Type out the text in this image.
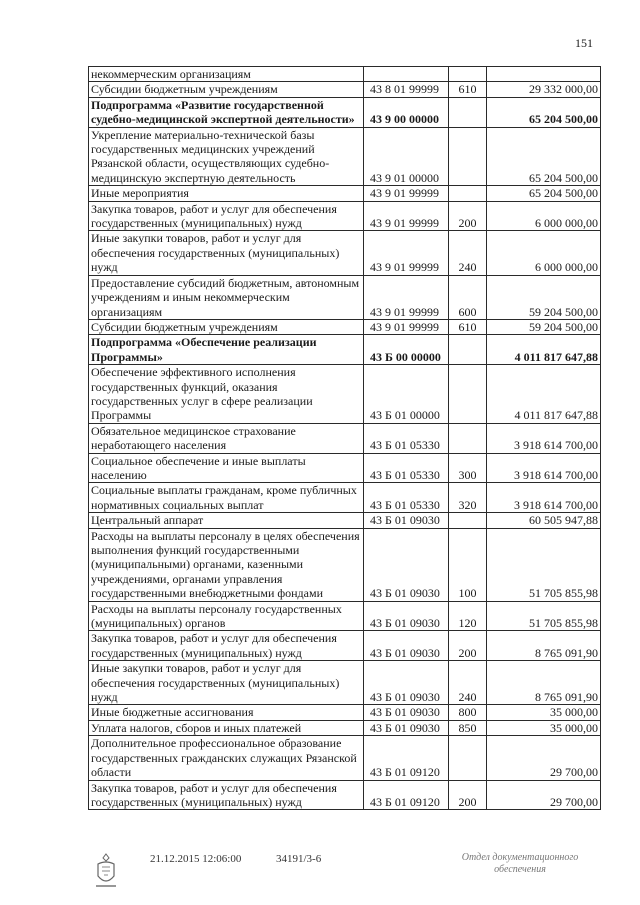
151
некоммерческим организациям			
Субсидии бюджетным учреждениям	43 8 01 99999	610	29 332 000,00
Подпрограмма «Развитие государственной судебно-медицинской экспертной деятельности»	43 9 00 00000		65 204 500,00
Укрепление материально-технической базы государственных медицинских учреждений Рязанской области, осуществляющих судебно-медицинскую экспертную деятельность	43 9 01 00000		65 204 500,00
Иные мероприятия	43 9 01 99999		65 204 500,00
Закупка товаров, работ и услуг для обеспечения государственных (муниципальных) нужд	43 9 01 99999	200	6 000 000,00
Иные закупки товаров, работ и услуг для обеспечения государственных (муниципальных) нужд	43 9 01 99999	240	6 000 000,00
Предоставление субсидий бюджетным, автономным учреждениям и иным некоммерческим организациям	43 9 01 99999	600	59 204 500,00
Субсидии бюджетным учреждениям	43 9 01 99999	610	59 204 500,00
Подпрограмма «Обеспечение реализации Программы»	43 Б 00 00000		4 011 817 647,88
Обеспечение эффективного исполнения государственных функций, оказания государственных услуг в сфере реализации Программы	43 Б 01 00000		4 011 817 647,88
Обязательное медицинское страхование неработающего населения	43 Б 01 05330		3 918 614 700,00
Социальное обеспечение и иные выплаты населению	43 Б 01 05330	300	3 918 614 700,00
Социальные выплаты гражданам, кроме публичных нормативных социальных выплат	43 Б 01 05330	320	3 918 614 700,00
Центральный аппарат	43 Б 01 09030		60 505 947,88
Расходы на выплаты персоналу в целях обеспечения выполнения функций государственными (муниципальными) органами, казенными учреждениями, органами управления государственными внебюджетными фондами	43 Б 01 09030	100	51 705 855,98
Расходы на выплаты персоналу государственных (муниципальных) органов	43 Б 01 09030	120	51 705 855,98
Закупка товаров, работ и услуг для обеспечения государственных (муниципальных) нужд	43 Б 01 09030	200	8 765 091,90
Иные закупки товаров, работ и услуг для обеспечения государственных (муниципальных) нужд	43 Б 01 09030	240	8 765 091,90
Иные бюджетные ассигнования	43 Б 01 09030	800	35 000,00
Уплата налогов, сборов и иных платежей	43 Б 01 09030	850	35 000,00
Дополнительное профессиональное образование государственных гражданских служащих Рязанской области	43 Б 01 09120		29 700,00
Закупка товаров, работ и услуг для обеспечения государственных (муниципальных) нужд	43 Б 01 09120	200	29 700,00
21.12.2015 12:06:00	34191/3-6	Отдел документационного обеспечения
